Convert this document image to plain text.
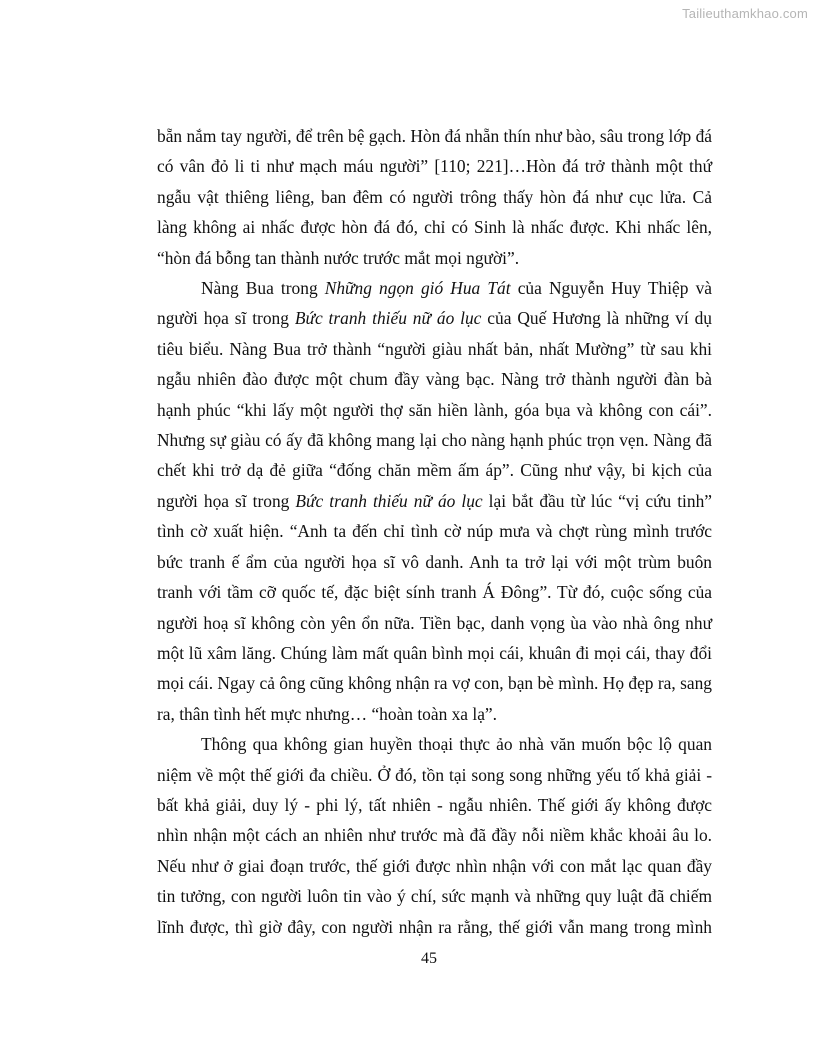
Tailieuthamkhao.com

bẵn nắm tay người, để trên bệ gạch. Hòn đá nhẵn thín như bào, sâu trong lớp đá có vân đỏ li ti như mạch máu người” [110; 221]…Hòn đá trở thành một thứ ngẫu vật thiêng liêng, ban đêm có người trông thấy hòn đá như cục lửa. Cả làng không ai nhấc được hòn đá đó, chỉ có Sinh là nhấc được. Khi nhấc lên, “hòn đá bỗng tan thành nước trước mắt mọi người”.

Nàng Bua trong Những ngọn gió Hua Tát của Nguyễn Huy Thiệp và người họa sĩ trong Bức tranh thiếu nữ áo lục của Quế Hương là những ví dụ tiêu biểu. Nàng Bua trở thành “người giàu nhất bản, nhất Mường” từ sau khi ngẫu nhiên đào được một chum đầy vàng bạc. Nàng trở thành người đàn bà hạnh phúc “khi lấy một người thợ săn hiền lành, góa bụa và không con cái”. Nhưng sự giàu có ấy đã không mang lại cho nàng hạnh phúc trọn vẹn. Nàng đã chết khi trở dạ đẻ giữa “đống chăn mềm ấm áp”. Cũng như vậy, bi kịch của người họa sĩ trong Bức tranh thiếu nữ áo lục lại bắt đầu từ lúc “vị cứu tinh” tình cờ xuất hiện. “Anh ta đến chỉ tình cờ núp mưa và chợt rùng mình trước bức tranh ế ẩm của người họa sĩ vô danh. Anh ta trở lại với một trùm buôn tranh với tầm cỡ quốc tế, đặc biệt sính tranh Á Đông”. Từ đó, cuộc sống của người hoạ sĩ không còn yên ổn nữa. Tiền bạc, danh vọng ùa vào nhà ông như một lũ xâm lăng. Chúng làm mất quân bình mọi cái, khuân đi mọi cái, thay đổi mọi cái. Ngay cả ông cũng không nhận ra vợ con, bạn bè mình. Họ đẹp ra, sang ra, thân tình hết mực nhưng… “hoàn toàn xa lạ”.

Thông qua không gian huyền thoại thực ảo nhà văn muốn bộc lộ quan niệm về một thế giới đa chiều. Ở đó, tồn tại song song những yếu tố khả giải - bất khả giải, duy lý - phi lý, tất nhiên - ngẫu nhiên. Thế giới ấy không được nhìn nhận một cách an nhiên như trước mà đã đầy nỗi niềm khắc khoải âu lo. Nếu như ở giai đoạn trước, thế giới được nhìn nhận với con mắt lạc quan đầy tin tưởng, con người luôn tin vào ý chí, sức mạnh và những quy luật đã chiếm lĩnh được, thì giờ đây, con người nhận ra rằng, thế giới vẫn mang trong mình

45
